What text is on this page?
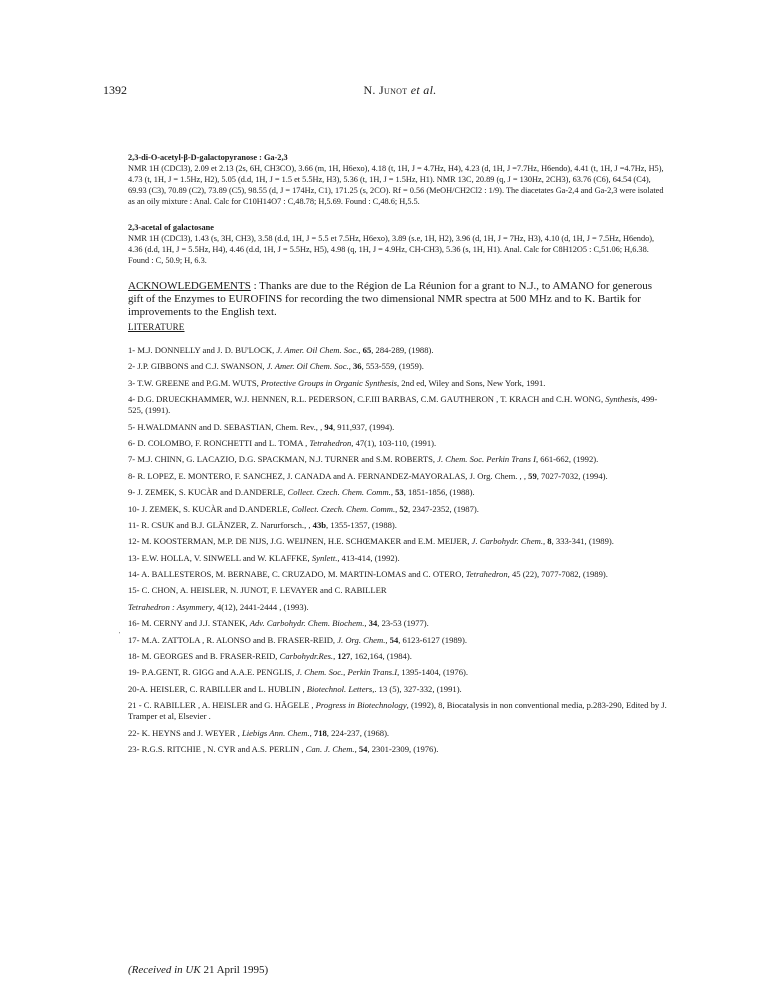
1392	N. Junot et al.

2,3-di-O-acetyl-β-D-galactopyranose : Ga-2,3

NMR 1H (CDCl3), 2.09 et 2.13 (2s, 6H, CH3CO), 3.66 (m, 1H, H6exo), 4.18 (t, 1H, J = 4.7Hz, H4), 4.23 (d, 1H, J =7.7Hz, H6endo), 4.41 (t, 1H, J =4.7Hz, H5), 4.73 (t, 1H, J = 1.5Hz, H2), 5.05 (d.d, 1H, J = 1.5 et 5.5Hz, H3), 5.36 (t, 1H, J = 1.5Hz, H1). NMR 13C, 20.89 (q, J = 130Hz, 2CH3), 63.76 (C6), 64.54 (C4), 69.93 (C3), 70.89 (C2), 73.89 (C5), 98.55 (d, J = 174Hz, C1), 171.25 (s, 2CO). Rf = 0.56 (MeOH/CH2Cl2 : 1/9). The diacetates Ga-2,4 and Ga-2,3 were isolated as an oily mixture : Anal. Calc for C10H14O7 : C,48.78; H,5.69. Found : C,48.6; H,5.5.

2,3-acetal of galactosane

NMR 1H (CDCl3), 1.43 (s, 3H, CH3), 3.58 (d.d, 1H, J = 5.5 et 7.5Hz, H6exo), 3.89 (s.e, 1H, H2), 3.96 (d, 1H, J = 7Hz, H3), 4.10 (d, 1H, J = 7.5Hz, H6endo), 4.36 (d.d, 1H, J = 5.5Hz, H4), 4.46 (d.d, 1H, J = 5.5Hz, H5), 4.98 (q, 1H, J = 4.9Hz, CH-CH3), 5.36 (s, 1H, H1). Anal. Calc for C8H12O5 : C,51.06; H,6.38. Found : C, 50.9; H, 6.3.

ACKNOWLEDGEMENTS : Thanks are due to the Région de La Réunion for a grant to N.J., to AMANO for generous gift of the Enzymes to EUROFINS for recording the two dimensional NMR spectra at 500 MHz and to K. Bartik for improvements to the English text.
LITERATURE

1- M.J. DONNELLY and J. D. BU'LOCK, J. Amer. Oil Chem. Soc., 65, 284-289, (1988).

2- J.P. GIBBONS and C.J. SWANSON, J. Amer. Oil Chem. Soc., 36, 553-559, (1959).

3- T.W. GREENE and P.G.M. WUTS, Protective Groups in Organic Synthesis, 2nd ed, Wiley and Sons, New York, 1991.

4- D.G. DRUECKHAMMER, W.J. HENNEN, R.L. PEDERSON, C.F.III BARBAS, C.M. GAUTHERON , T. KRACH and C.H. WONG, Synthesis, 499-525, (1991).

5- H.WALDMANN and D. SEBASTIAN, Chem. Rev., , 94, 911,937, (1994).

6- D. COLOMBO, F. RONCHETTI and L. TOMA , Tetrahedron, 47(1), 103-110, (1991).

7- M.J. CHINN, G. LACAZIO, D.G. SPACKMAN, N.J. TURNER and S.M. ROBERTS, J. Chem. Soc. Perkin Trans I, 661-662, (1992).

8- R. LOPEZ, E. MONTERO, F. SANCHEZ, J. CANADA and A. FERNANDEZ-MAYORALAS, J. Org. Chem. , , 59, 7027-7032, (1994).

9- J. ZEMEK, S. KUCÀR and D.ANDERLE, Collect. Czech. Chem. Comm., 53, 1851-1856, (1988).

10- J. ZEMEK, S. KUCÀR and D.ANDERLE, Collect. Czech. Chem. Comm., 52, 2347-2352, (1987).

11- R. CSUK and B.J. GLÄNZER, Z. Narurforsch., , 43b, 1355-1357, (1988).

12- M. KOOSTERMAN, M.P. DE NIJS, J.G. WEIJNEN, H.E. SCHŒMAKER and E.M. MEIJER, J. Carbohydr. Chem., 8, 333-341, (1989).

13- E.W. HOLLA, V. SINWELL and W. KLAFFKE, Synlett., 413-414, (1992).

14- A. BALLESTEROS, M. BERNABE, C. CRUZADO, M. MARTIN-LOMAS and C. OTERO, Tetrahedron, 45 (22), 7077-7082, (1989).

15- C. CHON, A. HEISLER, N. JUNOT, F. LEVAYER and C. RABILLER

Tetrahedron : Asymmery, 4(12), 2441-2444 , (1993).

16- M. CERNY and J.J. STANEK, Adv. Carbohydr. Chem. Biochem., 34, 23-53 (1977).

17- M.A. ZATTOLA , R. ALONSO and B. FRASER-REID, J. Org. Chem., 54, 6123-6127 (1989).

18- M. GEORGES and B. FRASER-REID, Carbohydr.Res., 127, 162,164, (1984).

19- P.A.GENT, R. GIGG and A.A.E. PENGLIS, J. Chem. Soc., Perkin Trans.I, 1395-1404, (1976).

20-A. HEISLER, C. RABILLER and L. HUBLIN , Biotechnol. Letters,. 13 (5), 327-332, (1991).

21 - C. RABILLER , A. HEISLER and G. HÄGELE , Progress in Biotechnology, (1992), 8, Biocatalysis in non conventional media, p.283-290, Edited by J. Tramper et al, Elsevier .

22- K. HEYNS and J. WEYER , Liebigs Ann. Chem., 718, 224-237, (1968).

23- R.G.S. RITCHIE , N. CYR and A.S. PERLIN , Can. J. Chem., 54, 2301-2309, (1976).

'
(Received in UK 21 April 1995)
